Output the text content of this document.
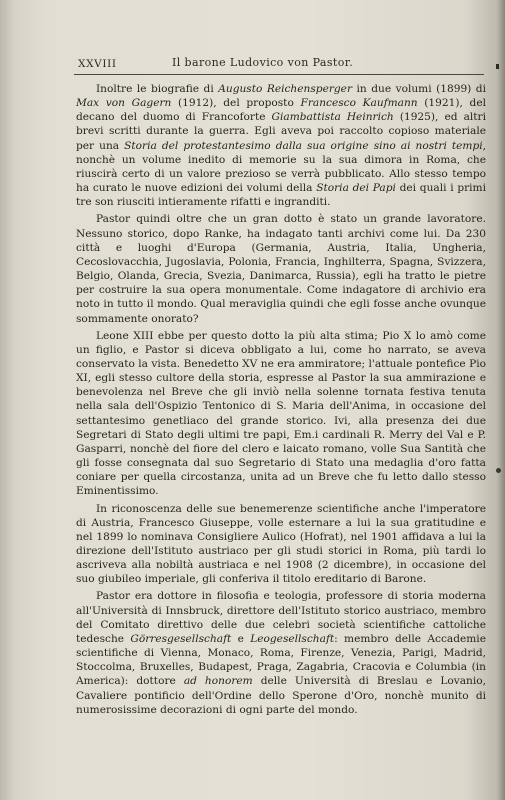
XXVIII	Il barone Ludovico von Pastor.

Inoltre le biografie di Augusto Reichensperger in due volumi (1899) di Max von Gagern (1912), del proposto Francesco Kaufmann (1921), del decano del duomo di Francoforte Giambattista Heinrich (1925), ed altri brevi scritti durante la guerra. Egli aveva poi raccolto copioso materiale per una Storia del protestantesimo dalla sua origine sino ai nostri tempi, nonchè un volume inedito di memorie su la sua dimora in Roma, che riuscirà certo di un valore prezioso se verrà pubblicato. Allo stesso tempo ha curato le nuove edizioni dei volumi della Storia dei Papi dei quali i primi tre son riusciti intieramente rifatti e ingranditi.

Pastor quindi oltre che un gran dotto è stato un grande lavoratore. Nessuno storico, dopo Ranke, ha indagato tanti archivi come lui. Da 230 città e luoghi d'Europa (Germania, Austria, Italia, Ungheria, Cecoslovacchia, Jugoslavia, Polonia, Francia, Inghilterra, Spagna, Svizzera, Belgio, Olanda, Grecia, Svezia, Danimarca, Russia), egli ha tratto le pietre per costruire la sua opera monumentale. Come indagatore di archivio era noto in tutto il mondo. Qual meraviglia quindi che egli fosse anche ovunque sommamente onorato?

Leone XIII ebbe per questo dotto la più alta stima; Pio X lo amò come un figlio, e Pastor si diceva obbligato a lui, come ho narrato, se aveva conservato la vista. Benedetto XV ne era ammiratore; l'attuale pontefice Pio XI, egli stesso cultore della storia, espresse al Pastor la sua ammirazione e benevolenza nel Breve che gli inviò nella solenne tornata festiva tenuta nella sala dell'Ospizio Tentonico di S. Maria dell'Anima, in occasione del settantesimo genetliaco del grande storico. Ivi, alla presenza dei due Segretari di Stato degli ultimi tre papi, Em.i cardinali R. Merry del Val e P. Gasparri, nonchè del fiore del clero e laicato romano, volle Sua Santità che gli fosse consegnata dal suo Segretario di Stato una medaglia d'oro fatta coniare per quella circostanza, unita ad un Breve che fu letto dallo stesso Eminentissimo.

In riconoscenza delle sue benemerenze scientifiche anche l'imperatore di Austria, Francesco Giuseppe, volle esternare a lui la sua gratitudine e nel 1899 lo nominava Consigliere Aulico (Hofrat), nel 1901 affidava a lui la direzione dell'Istituto austriaco per gli studi storici in Roma, più tardi lo ascriveva alla nobiltà austriaca e nel 1908 (2 dicembre), in occasione del suo giubileo imperiale, gli conferiva il titolo ereditario di Barone.

Pastor era dottore in filosofia e teologia, professore di storia moderna all'Università di Innsbruck, direttore dell'Istituto storico austriaco, membro del Comitato direttivo delle due celebri società scientifiche cattoliche tedesche Görresgesellschaft e Leogesellschaft: membro delle Accademie scientifiche di Vienna, Monaco, Roma, Firenze, Venezia, Parigi, Madrid, Stoccolma, Bruxelles, Budapest, Praga, Zagabria, Cracovia e Columbia (in America): dottore ad honorem delle Università di Breslau e Lovanio, Cavaliere pontificio dell'Ordine dello Sperone d'Oro, nonchè munito di numerosissime decorazioni di ogni parte del mondo.
